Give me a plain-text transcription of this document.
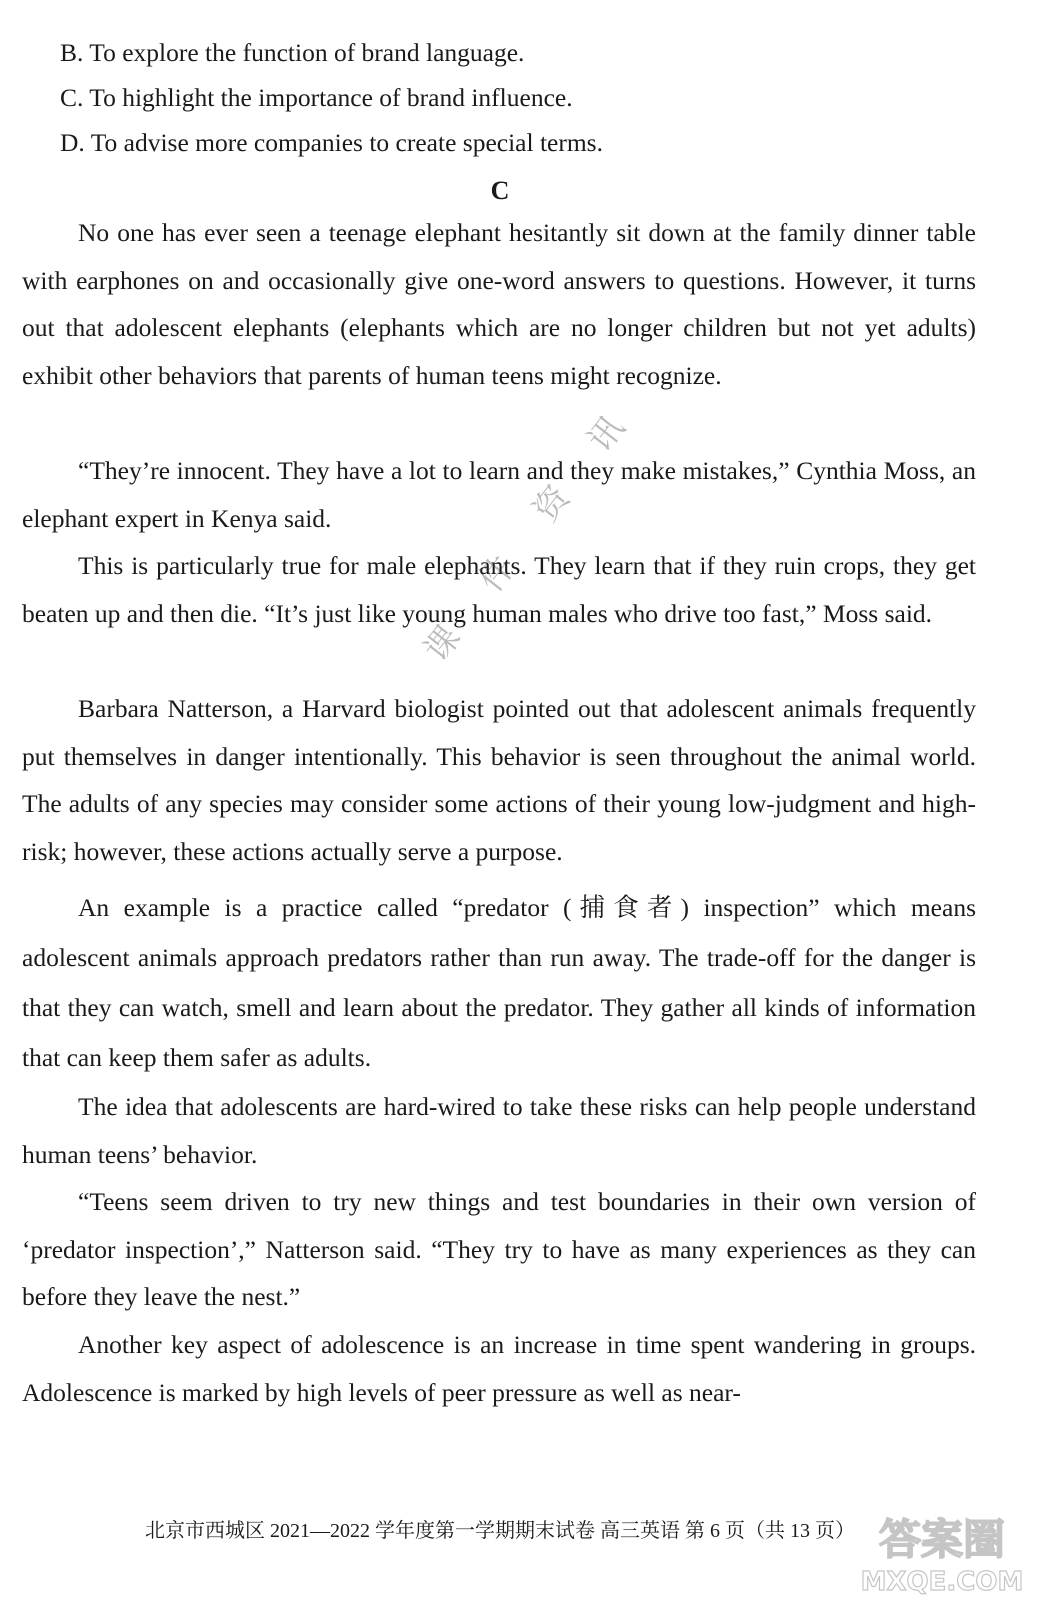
B. To explore the function of brand language.
C. To highlight the importance of brand influence.
D. To advise more companies to create special terms.
C

No one has ever seen a teenage elephant hesitantly sit down at the family dinner table with earphones on and occasionally give one-word answers to questions. However, it turns out that adolescent elephants (elephants which are no longer children but not yet adults) exhibit other behaviors that parents of human teens might recognize.

“They’re innocent. They have a lot to learn and they make mistakes,” Cynthia Moss, an elephant expert in Kenya said.

This is particularly true for male elephants. They learn that if they ruin crops, they get beaten up and then die. “It’s just like young human males who drive too fast,” Moss said.

Barbara Natterson, a Harvard biologist pointed out that adolescent animals frequently put themselves in danger intentionally. This behavior is seen throughout the animal world. The adults of any species may consider some actions of their young low-judgment and high-risk; however, these actions actually serve a purpose.

An example is a practice called “predator (捕食者) inspection” which means adolescent animals approach predators rather than run away. The trade-off for the danger is that they can watch, smell and learn about the predator. They gather all kinds of information that can keep them safer as adults.

The idea that adolescents are hard-wired to take these risks can help people understand human teens’ behavior.

“Teens seem driven to try new things and test boundaries in their own version of ‘predator inspection’,” Natterson said. “They try to have as many experiences as they can before they leave the nest.”

Another key aspect of adolescence is an increase in time spent wandering in groups. Adolescence is marked by high levels of peer pressure as well as near-

北京市西城区 2021—2022 学年度第一学期期末试卷 高三英语 第 6 页（共 13 页）
课 件 资 讯
答案圈
MXQE.COM
